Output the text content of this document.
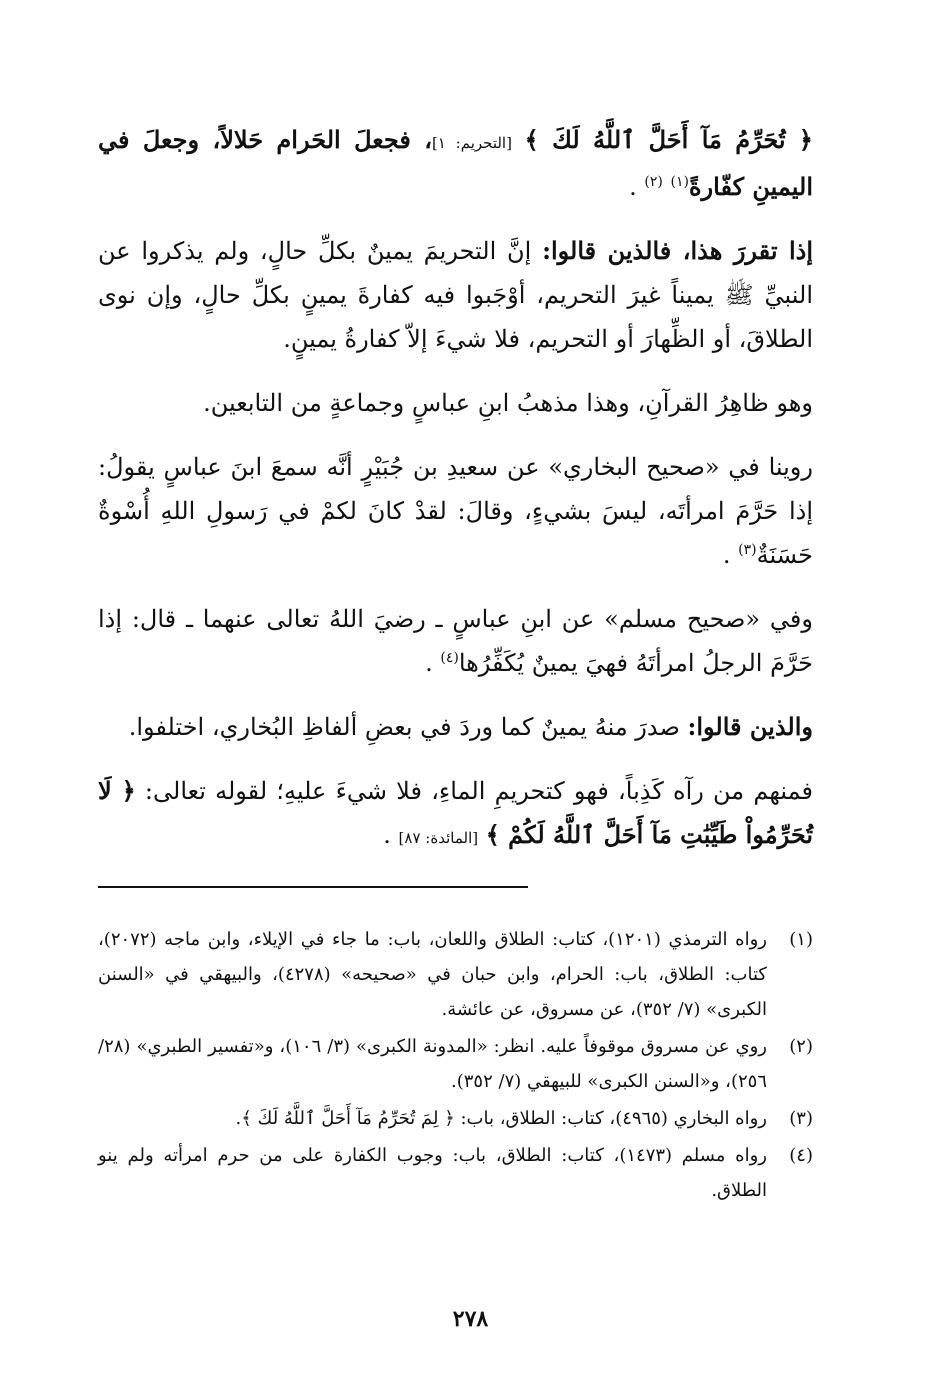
﴿ تُحَرِّمُ مَآ أَحَلَّ ٱللَّهُ لَكَ ﴾ [التحريم: ١]، فجعلَ الحَرام حَلالاً، وجعلَ في اليمينِ كفّارةً$^{(١)}$ $^{(٢)}$ .

إذا تقررَ هذا، فالذين قالوا: إنَّ التحريمَ يمينٌ بكلِّ حالٍ، ولم يذكروا عن النبيِّ ﷺ يميناً غيرَ التحريم، أوْجَبوا فيه كفارةَ يمينٍ بكلِّ حالٍ، وإن نوى الطلاقَ، أو الظِّهارَ أو التحريم، فلا شيءَ إلاّ كفارةُ يمينٍ.

وهو ظاهِرُ القرآنِ، وهذا مذهبُ ابنِ عباسٍ وجماعةٍ من التابعين.

روينا في «صحيح البخاري» عن سعيدِ بن جُبَيْرٍ أنَّه سمعَ ابنَ عباسٍ يقولُ: إذا حَرَّمَ امرأتَه، ليسَ بشيءٍ، وقالَ: لقدْ كانَ لكمْ في رَسولِ اللهِ أُسْوةٌ حَسَنَةٌ$^{(٣)}$ .

وفي «صحيح مسلم» عن ابنِ عباسٍ ـ رضيَ اللهُ تعالى عنهما ـ قال: إذا حَرَّمَ الرجلُ امرأتَهُ فهيَ يمينٌ يُكَفِّرُها$^{(٤)}$ .

والذين قالوا: صدرَ منهُ يمينٌ كما وردَ في بعضِ ألفاظِ البُخاري، اختلفوا.

فمنهم من رآه كَذِباً، فهو كتحريمِ الماءِ، فلا شيءَ عليهِ؛ لقوله تعالى: ﴿ لَا تُحَرِّمُواْ طَيِّبَٰتِ مَآ أَحَلَّ ٱللَّهُ لَكُمْ ﴾ [المائدة: ٨٧] .

(١)
رواه الترمذي (١٢٠١)، كتاب: الطلاق واللعان، باب: ما جاء في الإيلاء، وابن ماجه (٢٠٧٢)، كتاب: الطلاق، باب: الحرام، وابن حبان في «صحيحه» (٤٢٧٨)، والبيهقي في «السنن الكبرى» (٧/ ٣٥٢)، عن مسروق، عن عائشة.
(٢)
روي عن مسروق موقوفاً عليه. انظر: «المدونة الكبرى» (٣/ ١٠٦)، و«تفسير الطبري» (٢٨/ ٢٥٦)، و«السنن الكبرى» للبيهقي (٧/ ٣٥٢).
(٣)
رواه البخاري (٤٩٦٥)، كتاب: الطلاق، باب: ﴿ لِمَ تُحَرِّمُ مَآ أَحَلَّ ٱللَّهُ لَكَ ﴾.
(٤)
رواه مسلم (١٤٧٣)، كتاب: الطلاق، باب: وجوب الكفارة على من حرم امرأته ولم ينو الطلاق.
٢٧٨
